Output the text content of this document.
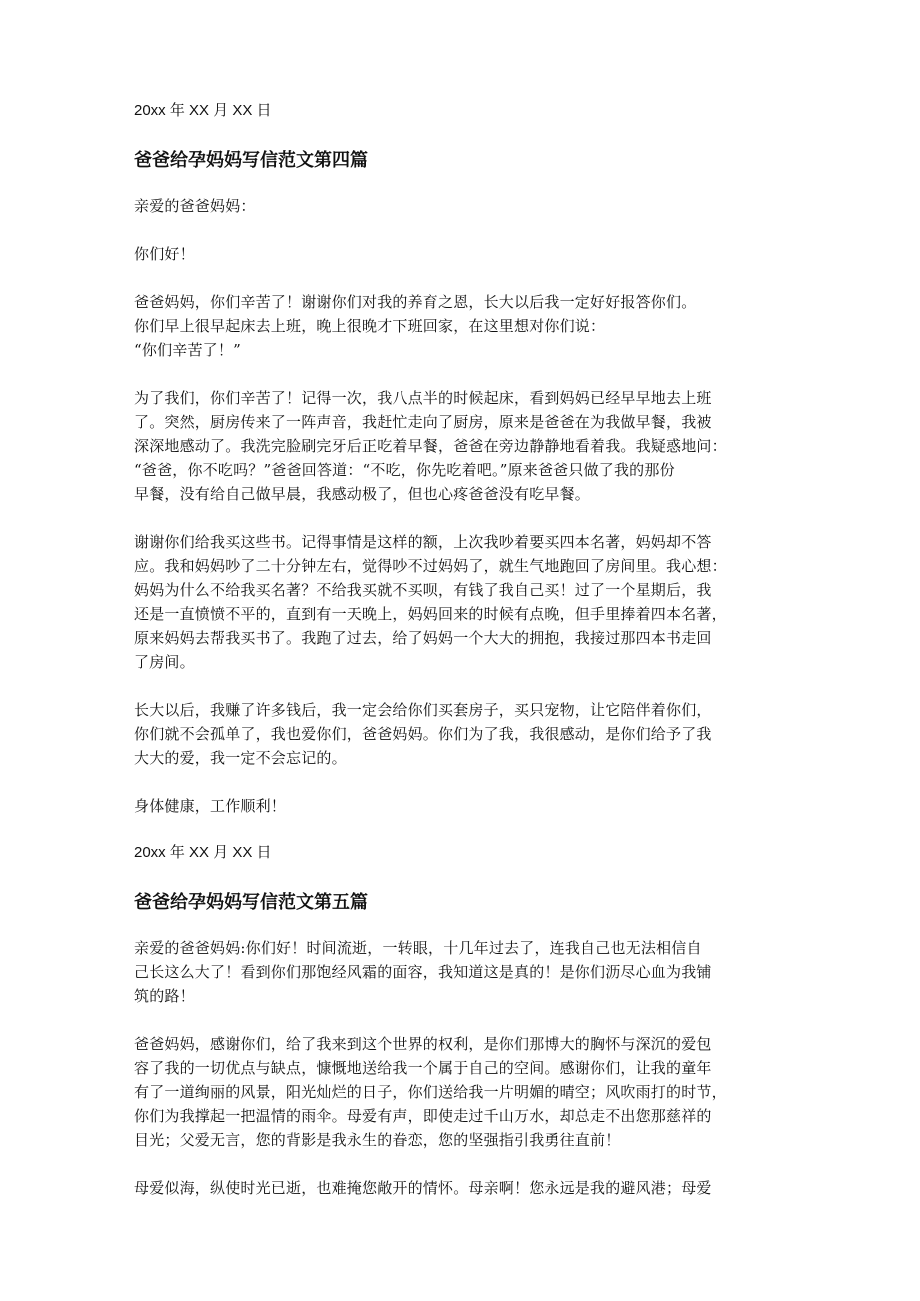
20xx 年 XX 月 XX 日
爸爸给孕妈妈写信范文第四篇
亲爱的爸爸妈妈：
你们好！
爸爸妈妈，你们辛苦了！谢谢你们对我的养育之恩，长大以后我一定好好报答你们。
你们早上很早起床去上班，晚上很晚才下班回家，在这里想对你们说：
“你们辛苦了！”
为了我们，你们辛苦了！记得一次，我八点半的时候起床，看到妈妈已经早早地去上班
了。突然，厨房传来了一阵声音，我赶忙走向了厨房，原来是爸爸在为我做早餐，我被
深深地感动了。我洗完脸刷完牙后正吃着早餐，爸爸在旁边静静地看着我。我疑惑地问：
“爸爸，你不吃吗？”爸爸回答道：“不吃，你先吃着吧。”原来爸爸只做了我的那份
早餐，没有给自己做早晨，我感动极了，但也心疼爸爸没有吃早餐。
谢谢你们给我买这些书。记得事情是这样的额，上次我吵着要买四本名著，妈妈却不答
应。我和妈妈吵了二十分钟左右，觉得吵不过妈妈了，就生气地跑回了房间里。我心想：
妈妈为什么不给我买名著？不给我买就不买呗，有钱了我自己买！过了一个星期后，我
还是一直愤愤不平的，直到有一天晚上，妈妈回来的时候有点晚，但手里捧着四本名著，
原来妈妈去帮我买书了。我跑了过去，给了妈妈一个大大的拥抱，我接过那四本书走回
了房间。
长大以后，我赚了许多钱后，我一定会给你们买套房子，买只宠物，让它陪伴着你们，
你们就不会孤单了，我也爱你们，爸爸妈妈。你们为了我，我很感动，是你们给予了我
大大的爱，我一定不会忘记的。
身体健康，工作顺利！
20xx 年 XX 月 XX 日
爸爸给孕妈妈写信范文第五篇
亲爱的爸爸妈妈:你们好！时间流逝，一转眼，十几年过去了，连我自己也无法相信自
己长这么大了！看到你们那饱经风霜的面容，我知道这是真的！是你们沥尽心血为我铺
筑的路！
爸爸妈妈，感谢你们，给了我来到这个世界的权利，是你们那博大的胸怀与深沉的爱包
容了我的一切优点与缺点，慷慨地送给我一个属于自己的空间。感谢你们，让我的童年
有了一道绚丽的风景，阳光灿烂的日子，你们送给我一片明媚的晴空；风吹雨打的时节，
你们为我撑起一把温情的雨伞。母爱有声，即使走过千山万水，却总走不出您那慈祥的
目光；父爱无言，您的背影是我永生的眷恋，您的坚强指引我勇往直前！
母爱似海，纵使时光已逝，也难掩您敞开的情怀。母亲啊！您永远是我的避风港；母爱
